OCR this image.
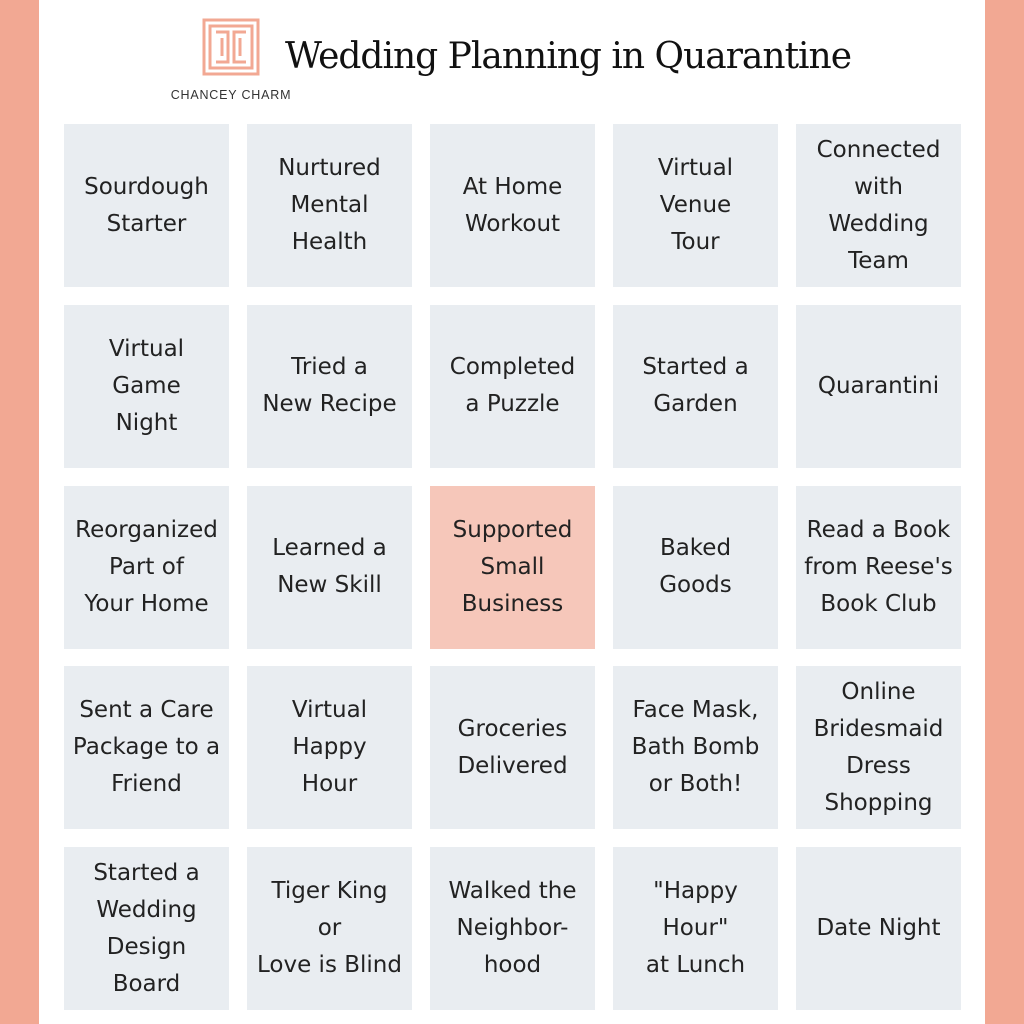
CHANCEY CHARM
Wedding Planning in Quarantine
Sourdough
Starter
Nurtured
Mental
Health
At Home
Workout
Virtual
Venue
Tour
Connected
with
Wedding
Team
Virtual
Game
Night
Tried a
New Recipe
Completed
a Puzzle
Started a
Garden
Quarantini
Reorganized
Part of
Your Home
Learned a
New Skill
Supported
Small
Business
Baked
Goods
Read a Book
from Reese's
Book Club
Sent a Care
Package to a
Friend
Virtual
Happy
Hour
Groceries
Delivered
Face Mask,
Bath Bomb
or Both!
Online
Bridesmaid
Dress
Shopping
Started a
Wedding
Design
Board
Tiger King
or
Love is Blind
Walked the
Neighbor-
hood
"Happy
Hour"
at Lunch
Date Night
